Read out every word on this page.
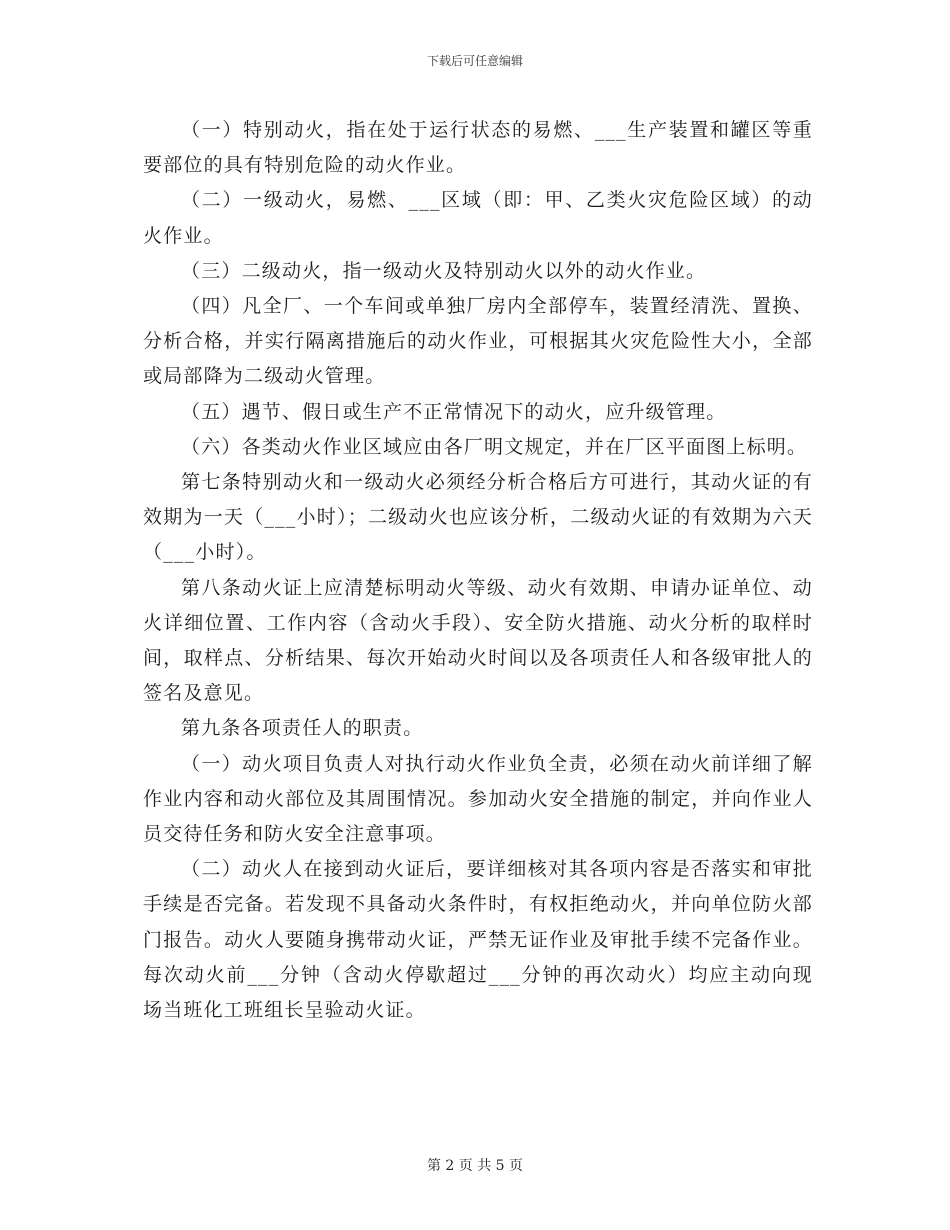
下载后可任意编辑

（一）特别动火，指在处于运行状态的易燃、___生产装置和罐区等重要部位的具有特别危险的动火作业。

（二）一级动火，易燃、___区域（即：甲、乙类火灾危险区域）的动火作业。

（三）二级动火，指一级动火及特别动火以外的动火作业。

（四）凡全厂、一个车间或单独厂房内全部停车，装置经清洗、置换、分析合格，并实行隔离措施后的动火作业，可根据其火灾危险性大小，全部或局部降为二级动火管理。

（五）遇节、假日或生产不正常情况下的动火，应升级管理。

（六）各类动火作业区域应由各厂明文规定，并在厂区平面图上标明。

第七条特别动火和一级动火必须经分析合格后方可进行，其动火证的有效期为一天（___小时）；二级动火也应该分析，二级动火证的有效期为六天（___小时）。

第八条动火证上应清楚标明动火等级、动火有效期、申请办证单位、动火详细位置、工作内容（含动火手段）、安全防火措施、动火分析的取样时间，取样点、分析结果、每次开始动火时间以及各项责任人和各级审批人的签名及意见。

第九条各项责任人的职责。

（一）动火项目负责人对执行动火作业负全责，必须在动火前详细了解作业内容和动火部位及其周围情况。参加动火安全措施的制定，并向作业人员交待任务和防火安全注意事项。

（二）动火人在接到动火证后，要详细核对其各项内容是否落实和审批手续是否完备。若发现不具备动火条件时，有权拒绝动火，并向单位防火部门报告。动火人要随身携带动火证，严禁无证作业及审批手续不完备作业。每次动火前___分钟（含动火停歇超过___分钟的再次动火）均应主动向现场当班化工班组长呈验动火证。

第 2 页 共 5 页
